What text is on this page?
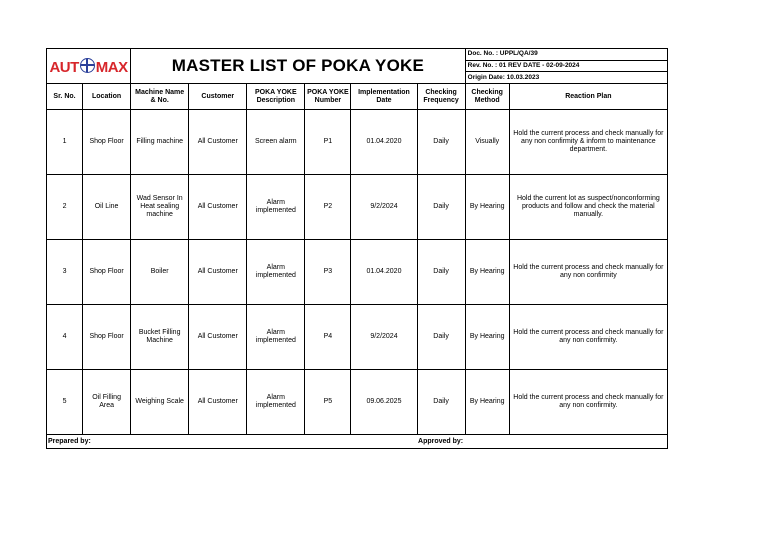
AUT MAX		MASTER LIST OF POKA YOKE						Doc. No. : UPPL/QA/39	
								Rev. No. : 01 REV DATE - 02-09-2024	
								Origin Date: 10.03.2023	
Sr. No.	Location	Machine Name & No.	Customer	POKA YOKE Description	POKA YOKE Number	Implementation Date	Checking Frequency	Checking Method	Reaction Plan
1	Shop Floor	Filling machine	All Customer	Screen alarm	P1	01.04.2020	Daily	Visually	Hold the current process and check manually for any non confirmity & inform to maintenance department.
2	Oil Line	Wad Sensor In Heat sealing machine	All Customer	Alarm implemented	P2	9/2/2024	Daily	By Hearing	Hold the current lot as suspect/nonconforming products and follow and check the material manually.
3	Shop Floor	Boiler	All Customer	Alarm implemented	P3	01.04.2020	Daily	By Hearing	Hold the current process and check manually for any non confirmity
4	Shop Floor	Bucket Filling Machine	All Customer	Alarm implemented	P4	9/2/2024	Daily	By Hearing	Hold the current process and check manually for any non confirmity.
5	Oil Filling Area	Weighing Scale	All Customer	Alarm implemented	P5	09.06.2025	Daily	By Hearing	Hold the current process and check manually for any non confirmity.
Prepared by:							Approved by:		
